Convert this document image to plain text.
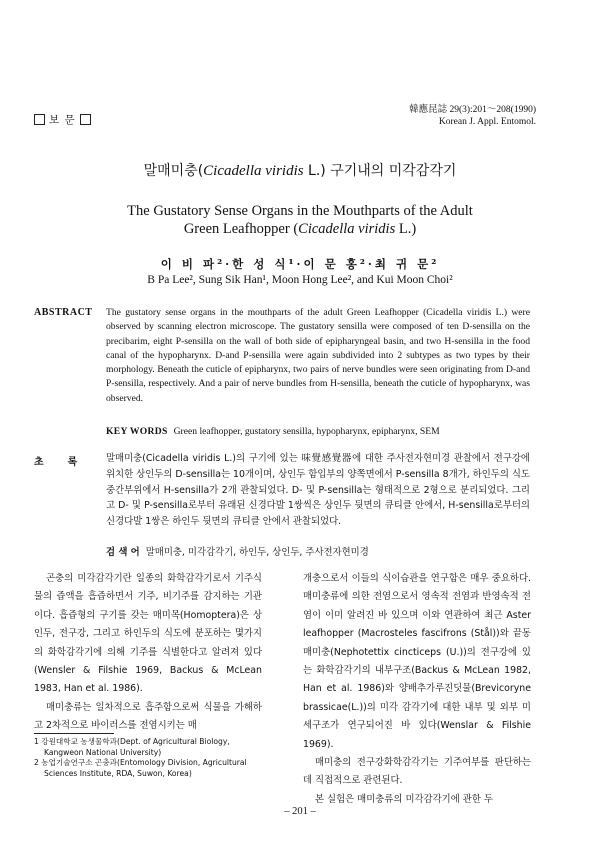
보 문
韓應昆誌 29(3):201～208(1990)
Korean J. Appl. Entomol.
말매미충(Cicadella viridis L.) 구기내의 미각감각기
The Gustatory Sense Organs in the Mouthparts of the Adult
Green Leafhopper (Cicadella viridis L.)
이 비 파²·한 성 식¹·이 문 홍²·최 귀 문²
B Pa Lee², Sung Sik Han¹, Moon Hong Lee², and Kui Moon Choi²
ABSTRACT The gustatory sense organs in the mouthparts of the adult Green Leafhopper (Cicadella viridis L.) were observed by scanning electron microscope. The gustatory sensilla were composed of ten D-sensilla on the precibarim, eight P-sensilla on the wall of both side of epipharyngeal basin, and two H-sensilla in the food canal of the hypopharynx. D-and P-sensilla were again subdivided into 2 subtypes as two types by their morphology. Beneath the cuticle of epipharynx, two pairs of nerve bundles were seen originating from D-and P-sensilla, respectively. And a pair of nerve bundles from H-sensilla, beneath the cuticle of hypopharynx, was observed.
KEY WORDS Green leafhopper, gustatory sensilla, hypopharynx, epipharynx, SEM
초 록	말매미충(Cicadella viridis L.)의 구기에 있는 味覺感覺器에 대한 주사전자현미경 관찰에서 전구강에 위치한 상인두의 D-sensilla는 10개이며, 상인두 함입부의 양쪽면에서 P-sensilla 8개가, 하인두의 식도 중간부위에서 H-sensilla가 2개 관찰되었다. D- 및 P-sensilla는 형태적으로 2형으로 분리되었다. 그리고 D- 및 P-sensilla로부터 유래된 신경다발 1쌍씩은 상인두 뒷면의 큐티클 안에서, H-sensilla로부터의 신경다발 1쌍은 하인두 뒷면의 큐티클 안에서 관찰되었다.
검 색 어 말매미충, 미각감각기, 하인두, 상인두, 주사전자현미경

곤충의 미각감각기란 일종의 화학감각기로서 기주식물의 즙액을 흡즙하면서 기주, 비기주를 감지하는 기관이다. 흡즙형의 구기를 갖는 매미목(Homoptera)은 상인두, 전구강, 그리고 하인두의 식도에 분포하는 몇가지의 화학감각기에 의해 기주를 식별한다고 알려져 있다(Wensler & Filshie 1969, Backus & McLean 1983, Han et al. 1986).

매미충류는 일차적으로 흡주함으로써 식물을 가해하고 2차적으로 바이러스를 전염시키는 매

개충으로서 이들의 식이습관을 연구함은 매우 중요하다. 매미충류에 의한 전염으로서 영속적 전염과 반영속적 전염이 이미 알려진 바 있으며 이와 연관하여 최근 Aster leafhopper (Macrosteles fascifrons (Stål))와 끝동매미충(Nephotettix cincticeps (U.))의 전구강에 있는 화학감각기의 내부구조(Backus & McLean 1982, Han et al. 1986)와 양배추가루진딧물(Brevicoryne brassicae(L.))의 미각 감각기에 대한 내부 및 외부 미세구조가 연구되어진 바 있다(Wenslar & Filshie 1969).

매미충의 전구강화학감각기는 기주여부를 판단하는데 직접적으로 관련된다.

본 실험은 매미충류의 미각감각기에 관한 두

1 강원대학교 농생물학과(Dept. of Agricultural Biology, Kangweon National University)
2 농업기술연구소 곤충과(Entomology Division, Agricultural Sciences Institute, RDA, Suwon, Korea)
– 201 –
